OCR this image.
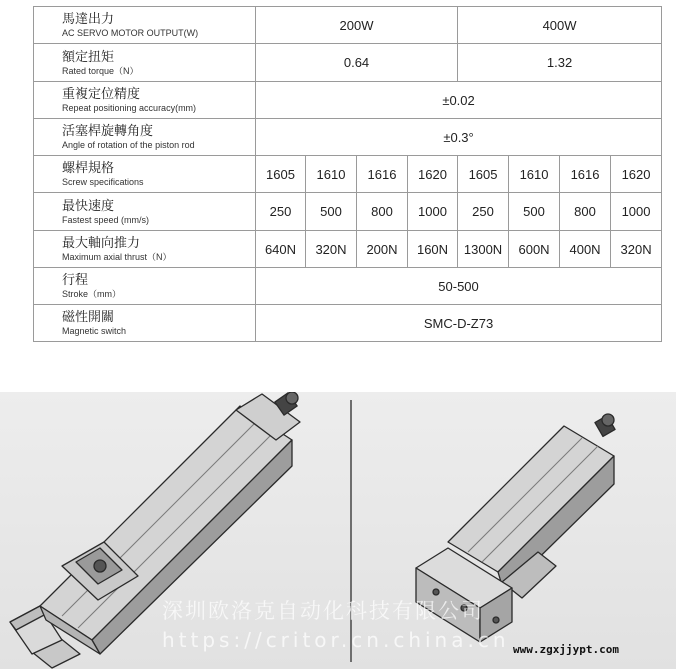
馬達出力
AC SERVO MOTOR OUTPUT(W)	200W				400W			

額定扭矩
Rated torque（N）	0.64				1.32			

重複定位精度
Repeat positioning accuracy(mm)	±0.02							

活塞桿旋轉角度
Angle of rotation of the piston rod	±0.3°							

螺桿規格
Screw specifications	1605	1610	1616	1620	1605	1610	1616	1620

最快速度
Fastest speed (mm/s)	250	500	800	1000	250	500	800	1000

最大軸向推力
Maximum axial thrust（N）	640N	320N	200N	160N	1300N	600N	400N	320N

行程
Stroke（mm）	50-500							

磁性開關
Magnetic switch	SMC-D-Z73							
深圳欧洛克自动化科技有限公司
https://critor.cn.china.cn www.zgxjjypt.com
